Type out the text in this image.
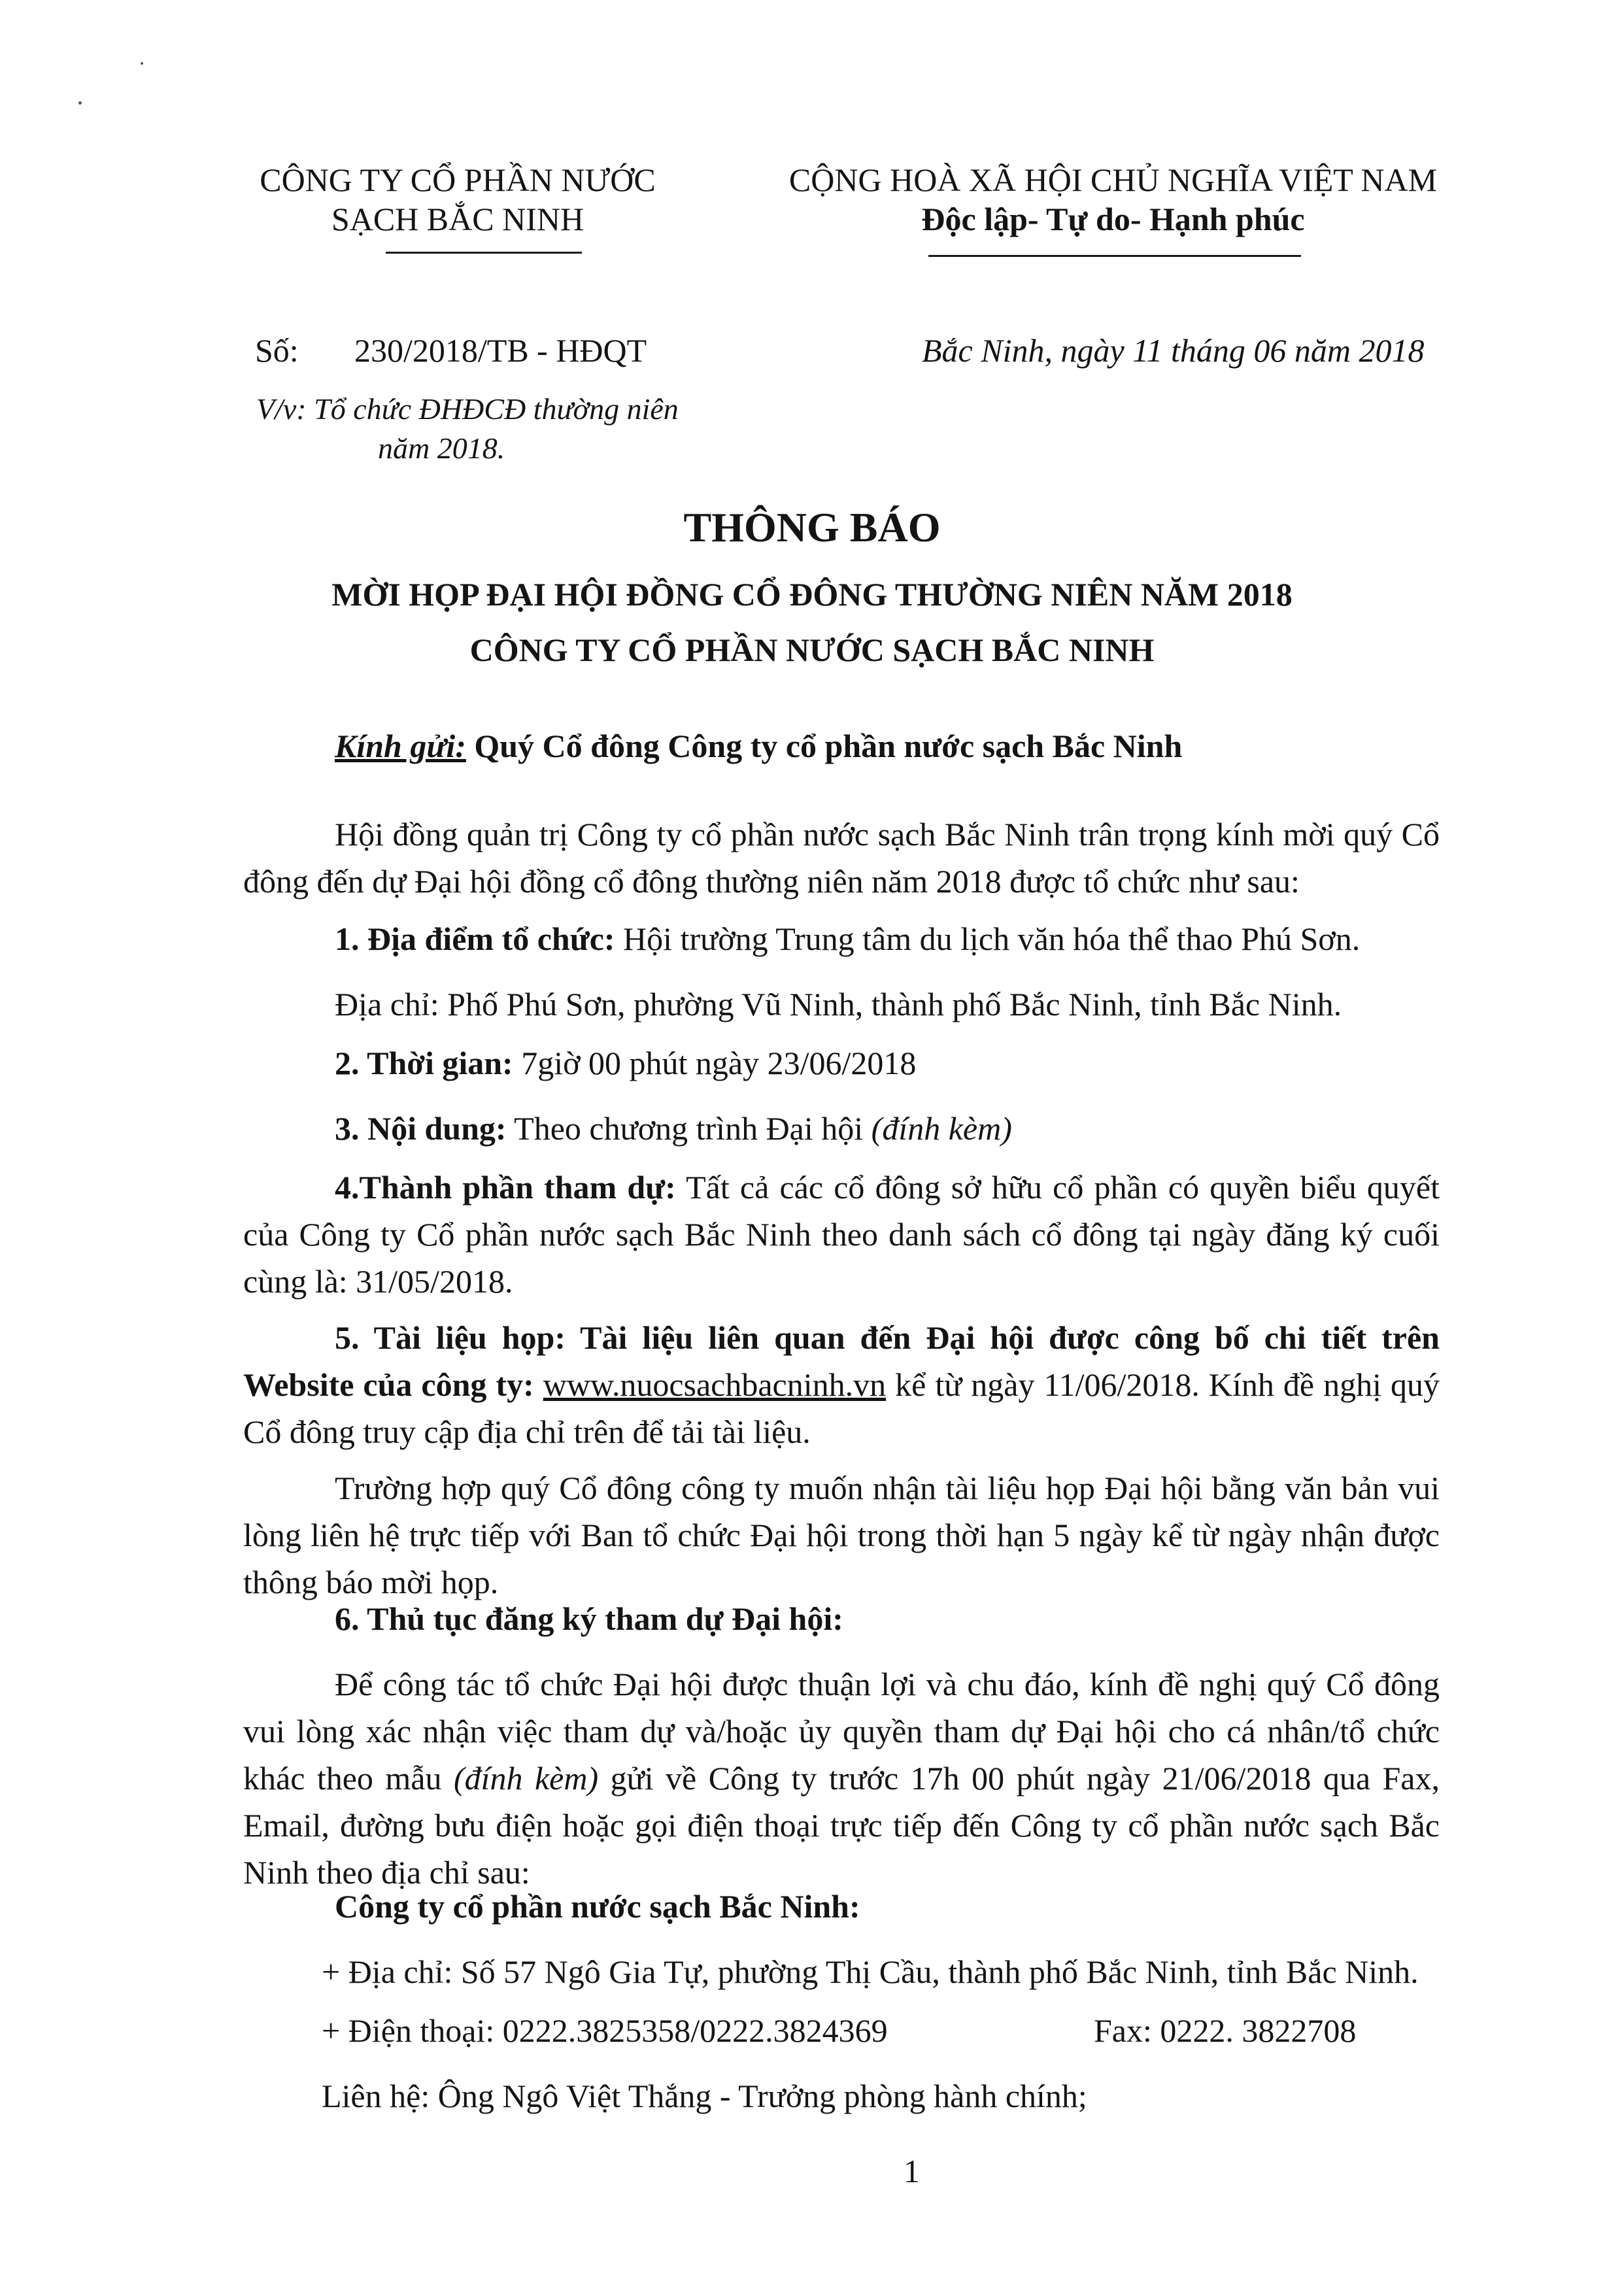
CÔNG TY CỔ PHẦN NƯỚC
SẠCH BẮC NINH
CỘNG HOÀ XÃ HỘI CHỦ NGHĨA VIỆT NAM
Độc lập- Tự do- Hạnh phúc
Số: 230/2018/TB - HĐQT	Bắc Ninh, ngày 11 tháng 06 năm 2018
V/v: Tổ chức ĐHĐCĐ thường niên
năm 2018.
THÔNG BÁO
MỜI HỌP ĐẠI HỘI ĐỒNG CỔ ĐÔNG THƯỜNG NIÊN NĂM 2018
CÔNG TY CỔ PHẦN NƯỚC SẠCH BẮC NINH
Kính gửi: Quý Cổ đông Công ty cổ phần nước sạch Bắc Ninh
Hội đồng quản trị Công ty cổ phần nước sạch Bắc Ninh trân trọng kính mời quý Cổ đông đến dự Đại hội đồng cổ đông thường niên năm 2018 được tổ chức như sau:
1. Địa điểm tổ chức: Hội trường Trung tâm du lịch văn hóa thể thao Phú Sơn.
Địa chỉ: Phố Phú Sơn, phường Vũ Ninh, thành phố Bắc Ninh, tỉnh Bắc Ninh.
2. Thời gian: 7giờ 00 phút ngày 23/06/2018
3. Nội dung: Theo chương trình Đại hội (đính kèm)
4.Thành phần tham dự: Tất cả các cổ đông sở hữu cổ phần có quyền biểu quyết của Công ty Cổ phần nước sạch Bắc Ninh theo danh sách cổ đông tại ngày đăng ký cuối cùng là: 31/05/2018.
5. Tài liệu họp: Tài liệu liên quan đến Đại hội được công bố chi tiết trên Website của công ty: www.nuocsachbacninh.vn kể từ ngày 11/06/2018. Kính đề nghị quý Cổ đông truy cập địa chỉ trên để tải tài liệu.
Trường hợp quý Cổ đông công ty muốn nhận tài liệu họp Đại hội bằng văn bản vui lòng liên hệ trực tiếp với Ban tổ chức Đại hội trong thời hạn 5 ngày kể từ ngày nhận được thông báo mời họp.
6. Thủ tục đăng ký tham dự Đại hội:
Để công tác tổ chức Đại hội được thuận lợi và chu đáo, kính đề nghị quý Cổ đông vui lòng xác nhận việc tham dự và/hoặc ủy quyền tham dự Đại hội cho cá nhân/tổ chức khác theo mẫu (đính kèm) gửi về Công ty trước 17h 00 phút ngày 21/06/2018 qua Fax, Email, đường bưu điện hoặc gọi điện thoại trực tiếp đến Công ty cổ phần nước sạch Bắc Ninh theo địa chỉ sau:
Công ty cổ phần nước sạch Bắc Ninh:
+ Địa chỉ: Số 57 Ngô Gia Tự, phường Thị Cầu, thành phố Bắc Ninh, tỉnh Bắc Ninh.
+ Điện thoại: 0222.3825358/0222.3824369	Fax: 0222. 3822708
Liên hệ: Ông Ngô Việt Thắng - Trưởng phòng hành chính;
1
